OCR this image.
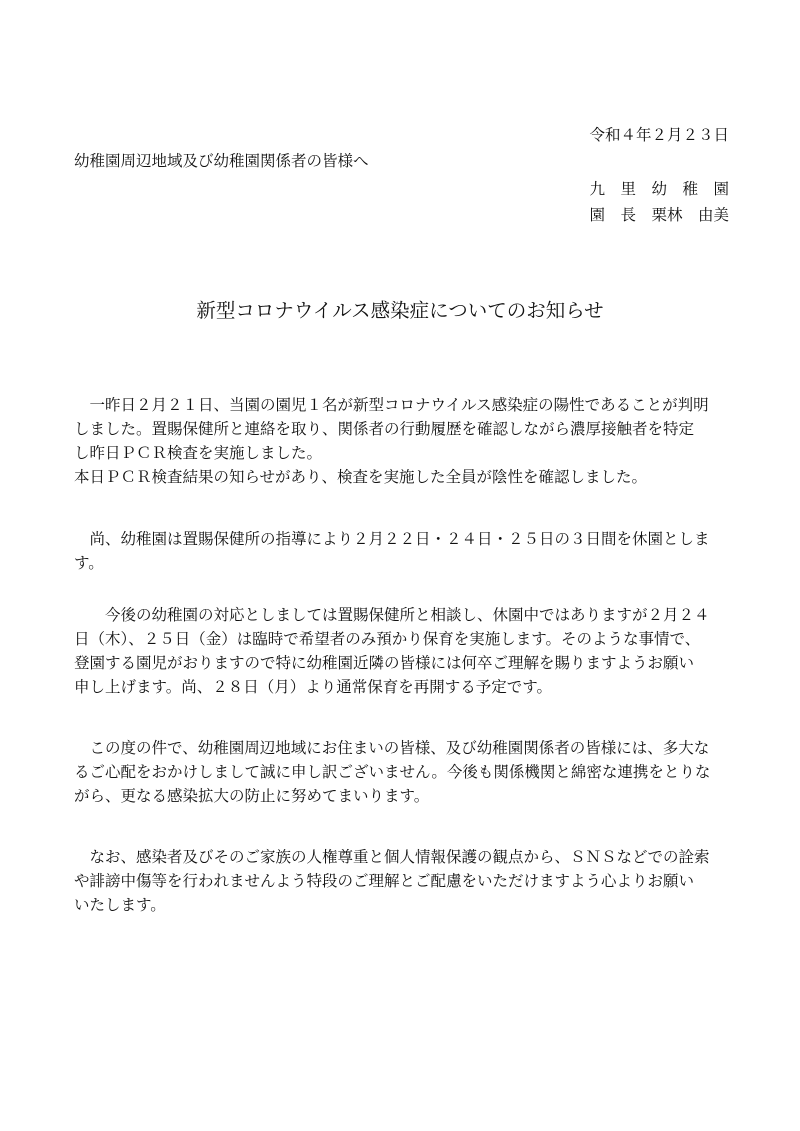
令和４年２月２３日
幼稚園周辺地域及び幼稚園関係者の皆様へ
九　里　幼　稚　園
園　長　栗林　由美
新型コロナウイルス感染症についてのお知らせ
　一昨日２月２１日、当園の園児１名が新型コロナウイルス感染症の陽性であることが判明
しました。置賜保健所と連絡を取り、関係者の行動履歴を確認しながら濃厚接触者を特定
し昨日ＰＣＲ検査を実施しました。
本日ＰＣＲ検査結果の知らせがあり、検査を実施した全員が陰性を確認しました。
　尚、幼稚園は置賜保健所の指導により２月２２日・２４日・２５日の３日間を休園としま
す。
　　今後の幼稚園の対応としましては置賜保健所と相談し、休園中ではありますが２月２４
日（木）、２５日（金）は臨時で希望者のみ預かり保育を実施します。そのような事情で、
登園する園児がおりますので特に幼稚園近隣の皆様には何卒ご理解を賜りますようお願い
申し上げます。尚、２８日（月）より通常保育を再開する予定です。
　この度の件で、幼稚園周辺地域にお住まいの皆様、及び幼稚園関係者の皆様には、多大な
るご心配をおかけしまして誠に申し訳ございません。今後も関係機関と綿密な連携をとりな
がら、更なる感染拡大の防止に努めてまいります。
　なお、感染者及びそのご家族の人権尊重と個人情報保護の観点から、ＳＮＳなどでの詮索
や誹謗中傷等を行われませんよう特段のご理解とご配慮をいただけますよう心よりお願い
いたします。
